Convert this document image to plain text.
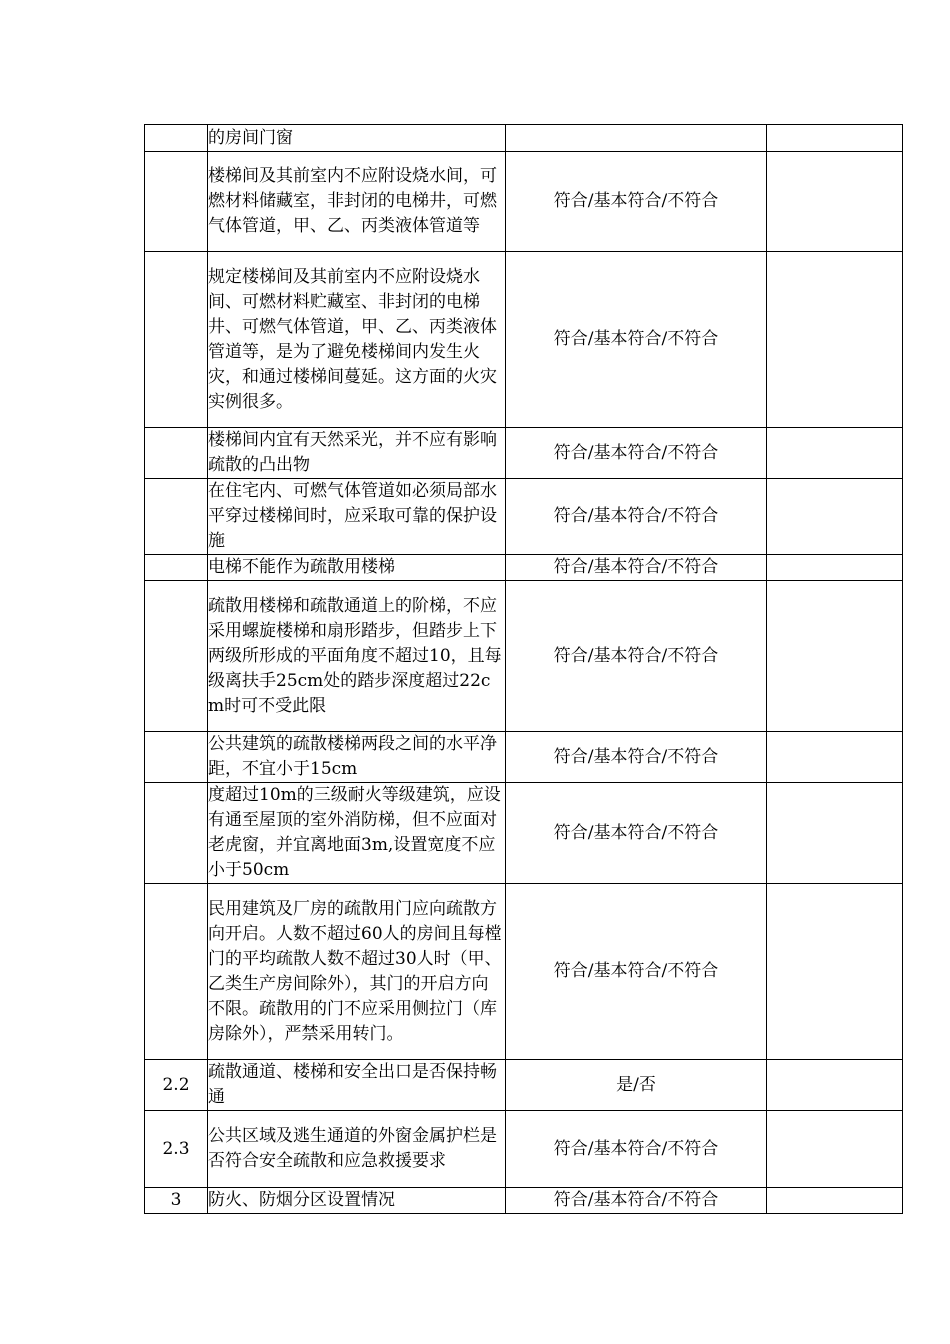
	的房间门窗		
	楼梯间及其前室内不应附设烧水间，可燃材料储藏室，非封闭的电梯井，可燃气体管道，甲、乙、丙类液体管道等	符合/基本符合/不符合	
	规定楼梯间及其前室内不应附设烧水间、可燃材料贮藏室、非封闭的电梯井、可燃气体管道，甲、乙、丙类液体管道等，是为了避免楼梯间内发生火灾，和通过楼梯间蔓延。这方面的火灾实例很多。	符合/基本符合/不符合	
	楼梯间内宜有天然采光，并不应有影响疏散的凸出物	符合/基本符合/不符合	
	在住宅内、可燃气体管道如必须局部水平穿过楼梯间时，应采取可靠的保护设施	符合/基本符合/不符合	
	电梯不能作为疏散用楼梯	符合/基本符合/不符合	
	疏散用楼梯和疏散通道上的阶梯，不应采用螺旋楼梯和扇形踏步，但踏步上下两级所形成的平面角度不超过10，且每级离扶手25cm处的踏步深度超过22cm时可不受此限	符合/基本符合/不符合	
	公共建筑的疏散楼梯两段之间的水平净距，不宜小于15cm	符合/基本符合/不符合	
	度超过10m的三级耐火等级建筑，应设有通至屋顶的室外消防梯，但不应面对老虎窗，并宜离地面3m,设置宽度不应小于50cm	符合/基本符合/不符合	
	民用建筑及厂房的疏散用门应向疏散方向开启。人数不超过60人的房间且每樘门的平均疏散人数不超过30人时（甲、乙类生产房间除外），其门的开启方向不限。疏散用的门不应采用侧拉门（库房除外），严禁采用转门。	符合/基本符合/不符合	
2.2	疏散通道、楼梯和安全出口是否保持畅通	是/否	
2.3	公共区域及逃生通道的外窗金属护栏是否符合安全疏散和应急救援要求	符合/基本符合/不符合	
3	防火、防烟分区设置情况	符合/基本符合/不符合	
